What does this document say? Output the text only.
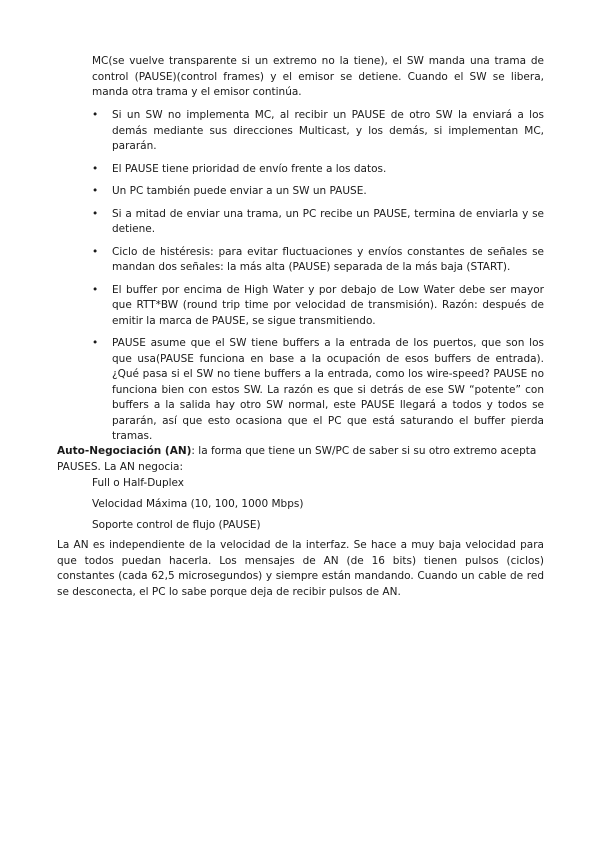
MC(se vuelve transparente si un extremo no la tiene), el SW manda una trama de control (PAUSE)(control frames) y el emisor se detiene. Cuando el SW se libera, manda otra trama y el emisor continúa.

• Si un SW no implementa MC, al recibir un PAUSE de otro SW la enviará a los demás mediante sus direcciones Multicast, y los demás, si implementan MC, pararán.
• El PAUSE tiene prioridad de envío frente a los datos.
• Un PC también puede enviar a un SW un PAUSE.
• Si a mitad de enviar una trama, un PC recibe un PAUSE, termina de enviarla y se detiene.
• Ciclo de histéresis: para evitar fluctuaciones y envíos constantes de señales se mandan dos señales: la más alta (PAUSE) separada de la más baja (START).
• El buffer por encima de High Water y por debajo de Low Water debe ser mayor que RTT*BW (round trip time por velocidad de transmisión). Razón: después de emitir la marca de PAUSE, se sigue transmitiendo.
• PAUSE asume que el SW tiene buffers a la entrada de los puertos, que son los que usa(PAUSE funciona en base a la ocupación de esos buffers de entrada). ¿Qué pasa si el SW no tiene buffers a la entrada, como los wire-speed? PAUSE no funciona bien con estos SW. La razón es que si detrás de ese SW “potente” con buffers a la salida hay otro SW normal, este PAUSE llegará a todos y todos se pararán, así que esto ocasiona que el PC que está saturando el buffer pierda tramas.

Auto-Negociación (AN): la forma que tiene un SW/PC de saber si su otro extremo acepta PAUSES. La AN negocia:

Full o Half-Duplex
Velocidad Máxima (10, 100, 1000 Mbps)
Soporte control de flujo (PAUSE)

La AN es independiente de la velocidad de la interfaz. Se hace a muy baja velocidad para que todos puedan hacerla. Los mensajes de AN (de 16 bits) tienen pulsos (ciclos) constantes (cada 62,5 microsegundos) y siempre están mandando. Cuando un cable de red se desconecta, el PC lo sabe porque deja de recibir pulsos de AN.
